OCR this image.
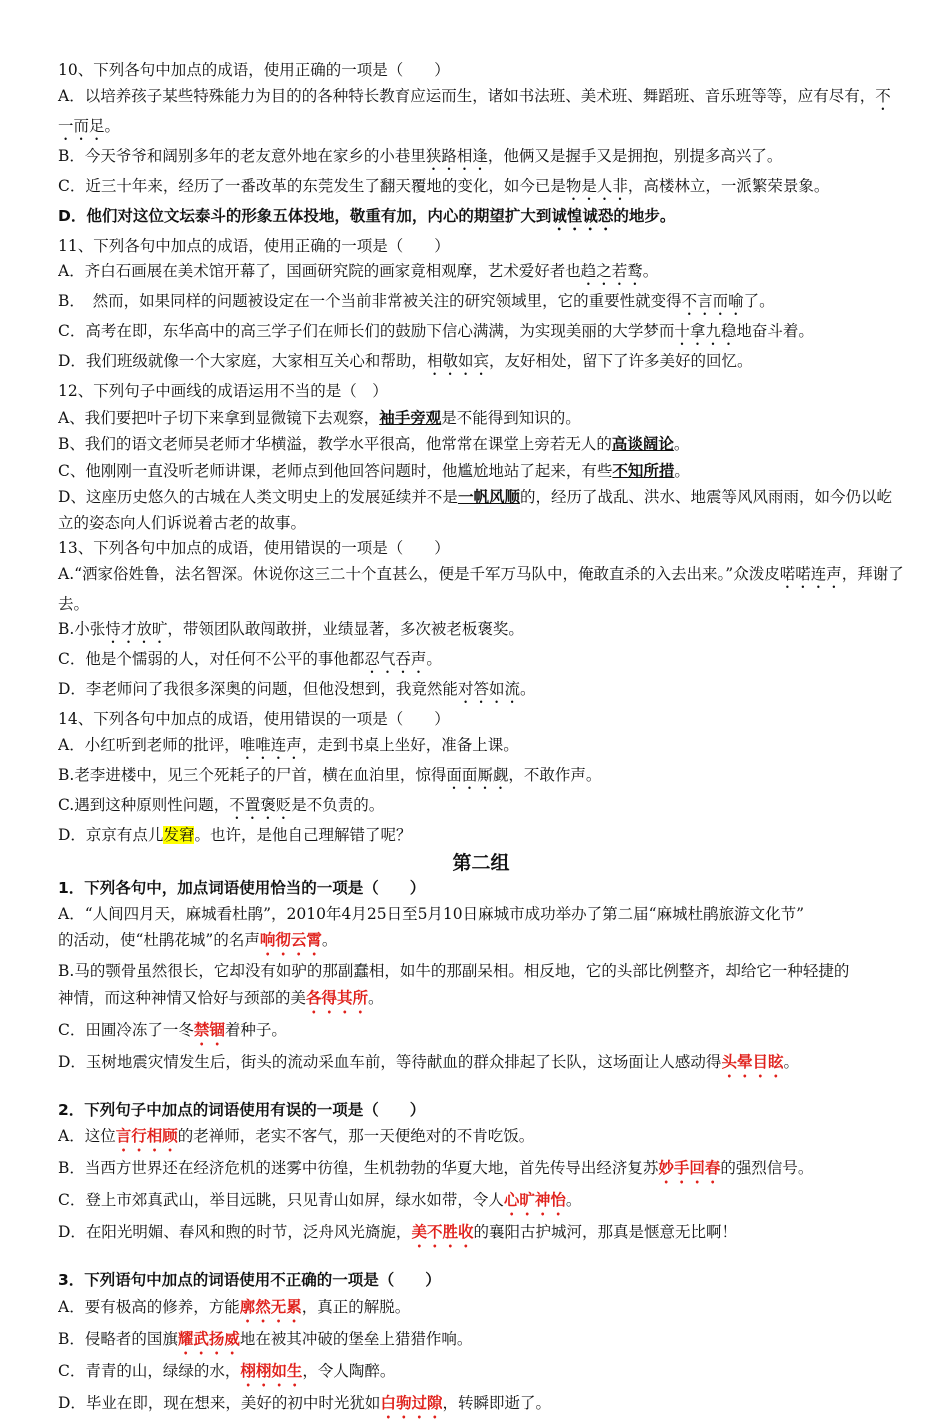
10、下列各句中加点的成语，使用正确的一项是（　　）
A．以培养孩子某些特殊能力为目的的各种特长教育应运而生，诸如书法班、美术班、舞蹈班、音乐班等等，应有尽有，不一而足。
B．今天爷爷和阔别多年的老友意外地在家乡的小巷里狭路相逢，他俩又是握手又是拥抱，别提多高兴了。
C．近三十年来，经历了一番改革的东莞发生了翻天覆地的变化，如今已是物是人非，高楼林立，一派繁荣景象。
D．他们对这位文坛泰斗的形象五体投地，敬重有加，内心的期望扩大到诚惶诚恐的地步。
11、下列各句中加点的成语，使用正确的一项是（　　）
A．齐白石画展在美术馆开幕了，国画研究院的画家竟相观摩，艺术爱好者也趋之若鹜。
B．　然而，如果同样的问题被设定在一个当前非常被关注的研究领域里，它的重要性就变得不言而喻了。
C．高考在即，东华高中的高三学子们在师长们的鼓励下信心满满，为实现美丽的大学梦而十拿九稳地奋斗着。
D．我们班级就像一个大家庭，大家相互关心和帮助，相敬如宾，友好相处，留下了许多美好的回忆。
12、下列句子中画线的成语运用不当的是（　）
A、我们要把叶子切下来拿到显微镜下去观察，袖手旁观是不能得到知识的。
B、我们的语文老师吴老师才华横溢，教学水平很高，他常常在课堂上旁若无人的高谈阔论。
C、他刚刚一直没听老师讲课，老师点到他回答问题时，他尴尬地站了起来，有些不知所措。
D、这座历史悠久的古城在人类文明史上的发展延续并不是一帆风顺的，经历了战乱、洪水、地震等风风雨雨，如今仍以屹立的姿态向人们诉说着古老的故事。
13、下列各句中加点的成语，使用错误的一项是（　　）
A.“洒家俗姓鲁，法名智深。休说你这三二十个直甚么，便是千军万马队中，俺敢直杀的入去出来。”众泼皮喏喏连声，拜谢了去。
B.小张恃才放旷，带领团队敢闯敢拼，业绩显著，多次被老板褒奖。
C．他是个懦弱的人，对任何不公平的事他都忍气吞声。
D．李老师问了我很多深奥的问题，但他没想到，我竟然能对答如流。
14、下列各句中加点的成语，使用错误的一项是（　　）
A．小红听到老师的批评，唯唯连声，走到书桌上坐好，准备上课。
B.老李进楼中，见三个死耗子的尸首，横在血泊里，惊得面面厮觑，不敢作声。
C.遇到这种原则性问题，不置褒贬是不负责的。
D．京京有点儿发窘。也许，是他自己理解错了呢？
第二组
1．下列各句中，加点词语使用恰当的一项是（　　）
A．“人间四月天，麻城看杜鹃”，2010年4月25日至5月10日麻城市成功举办了第二届“麻城杜鹃旅游文化节”
的活动，使“杜鹃花城”的名声响彻云霄。
B.马的颚骨虽然很长，它却没有如驴的那副蠢相，如牛的那副呆相。相反地，它的头部比例整齐，却给它一种轻捷的
神情，而这种神情又恰好与颈部的美各得其所。
C．田圃冷冻了一冬禁锢着种子。
D．玉树地震灾情发生后，街头的流动采血车前，等待献血的群众排起了长队，这场面让人感动得头晕目眩。
2．下列句子中加点的词语使用有误的一项是（　　）
A．这位言行相顾的老禅师，老实不客气，那一天便绝对的不肯吃饭。
B．当西方世界还在经济危机的迷雾中彷徨，生机勃勃的华夏大地，首先传导出经济复苏妙手回春的强烈信号。
C．登上市郊真武山，举目远眺，只见青山如屏，绿水如带，令人心旷神怡。
D．在阳光明媚、春风和煦的时节，泛舟风光旖旎，美不胜收的襄阳古护城河，那真是惬意无比啊！
3．下列语句中加点的词语使用不正确的一项是（　　）
A．要有极高的修养，方能廓然无累，真正的解脱。
B．侵略者的国旗耀武扬威地在被其冲破的堡垒上猎猎作响。
C．青青的山，绿绿的水，栩栩如生，令人陶醉。
D．毕业在即，现在想来，美好的初中时光犹如白驹过隙，转瞬即逝了。
